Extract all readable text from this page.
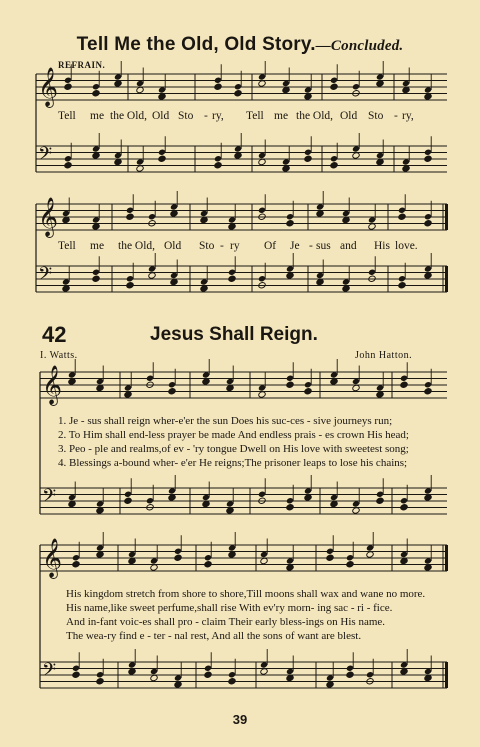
𝄞
𝄢
𝄞
𝄢
𝄞
𝄢
𝄞
𝄢
Tell Me the Old, Old Story.—Concluded.
REFRAIN.
Tell me the Old, Old Sto - ry, Tell me the Old, Old Sto - ry,
Tell me the Old, Old Sto - ry Of Je - sus and His love.
42	Jesus Shall Reign.
I. Watts.	John Hatton.
1. Je - sus shall reign wher-e'er the sun Does his suc-ces - sive journeys run;
2. To Him shall end-less prayer be made And endless prais - es crown His head;
3. Peo - ple and realms,of ev - 'ry tongue Dwell on His love with sweetest song;
4. Blessings a-bound wher- e'er He reigns;The prisoner leaps to lose his chains;
His kingdom stretch from shore to shore,Till moons shall wax and wane no more.
His name,like sweet perfume,shall rise With ev'ry morn- ing sac - ri - fice.
And in-fant voic-es shall pro - claim Their early bless-ings on His name.
The wea-ry find e - ter - nal rest, And all the sons of want are blest.
39
